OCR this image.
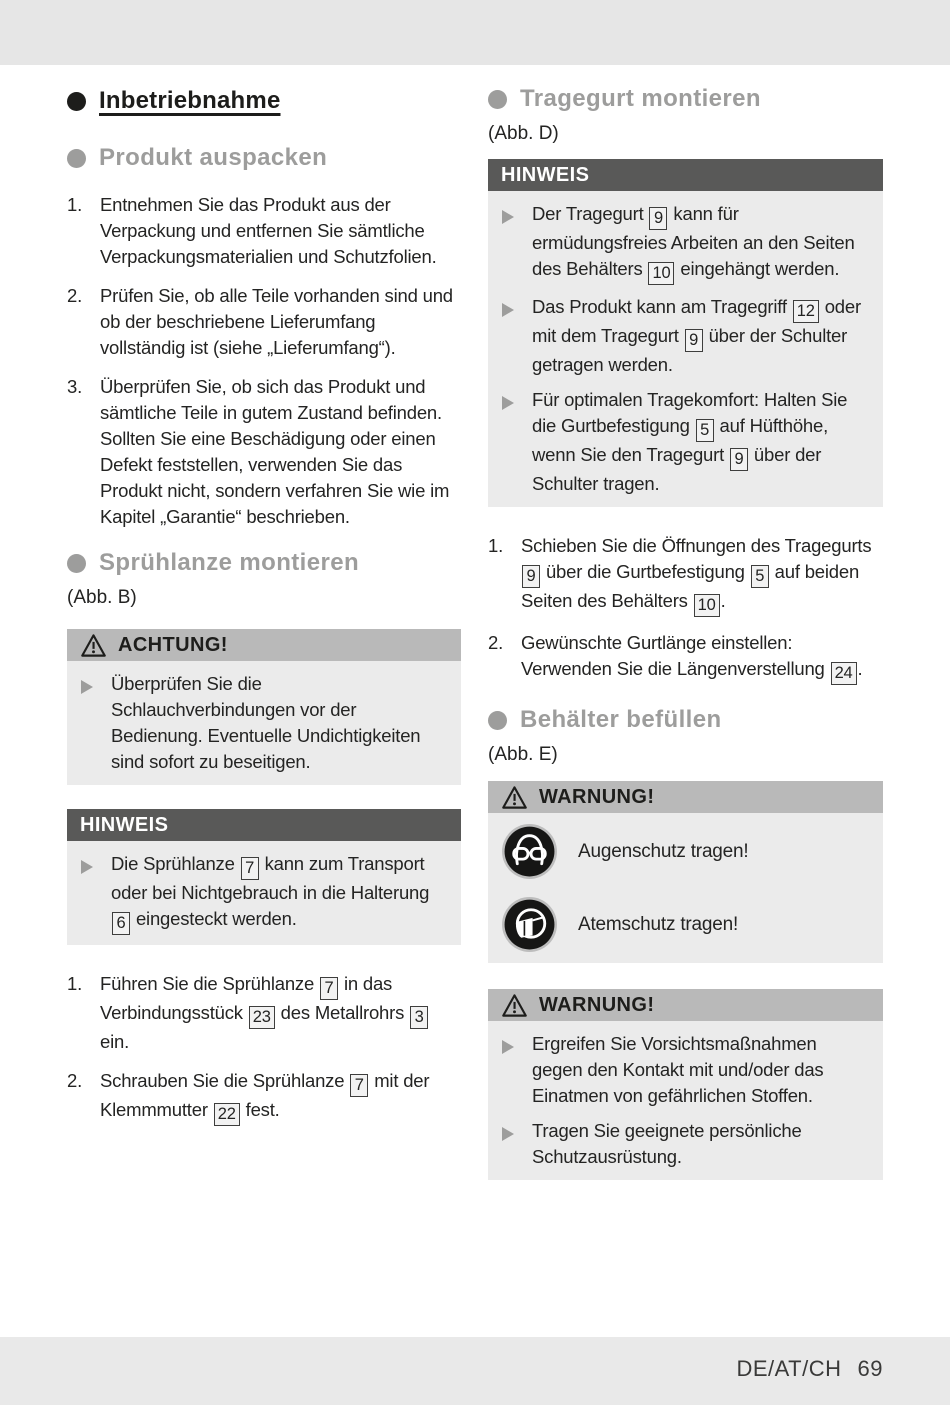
Inbetriebnahme
Produkt auspacken
1. Entnehmen Sie das Produkt aus der Verpackung und entfernen Sie sämtliche Verpackungsmaterialien und Schutzfolien.
2. Prüfen Sie, ob alle Teile vorhanden sind und ob der beschriebene Lieferumfang vollständig ist (siehe „Lieferumfang“).
3. Überprüfen Sie, ob sich das Produkt und sämtliche Teile in gutem Zustand befinden. Sollten Sie eine Beschädigung oder einen Defekt feststellen, verwenden Sie das Produkt nicht, sondern verfahren Sie wie im Kapitel „Garantie“ beschrieben.
Sprühlanze montieren
(Abb. B)
ACHTUNG!
Überprüfen Sie die Schlauchverbindungen vor der Bedienung. Eventuelle Undichtigkeiten sind sofort zu beseitigen.
HINWEIS
Die Sprühlanze 7 kann zum Transport oder bei Nichtgebrauch in die Halterung 6 eingesteckt werden.
1. Führen Sie die Sprühlanze 7 in das Verbindungsstück 23 des Metallrohrs 3 ein.
2. Schrauben Sie die Sprühlanze 7 mit der Klemmmutter 22 fest.
Tragegurt montieren
(Abb. D)
HINWEIS
Der Tragegurt 9 kann für ermüdungsfreies Arbeiten an den Seiten des Behälters 10 eingehängt werden.
Das Produkt kann am Tragegriff 12 oder mit dem Tragegurt 9 über der Schulter getragen werden.
Für optimalen Tragekomfort: Halten Sie die Gurtbefestigung 5 auf Hüfthöhe, wenn Sie den Tragegurt 9 über der Schulter tragen.
1. Schieben Sie die Öffnungen des Tragegurts 9 über die Gurtbefestigung 5 auf beiden Seiten des Behälters 10 .
2. Gewünschte Gurtlänge einstellen: Verwenden Sie die Längenverstellung 24 .
Behälter befüllen
(Abb. E)
WARNUNG!
Augenschutz tragen!
Atemschutz tragen!
WARNUNG!
Ergreifen Sie Vorsichtsmaßnahmen gegen den Kontakt mit und/oder das Einatmen von gefährlichen Stoffen.
Tragen Sie geeignete persönliche Schutzausrüstung.
DE/AT/CH 69
